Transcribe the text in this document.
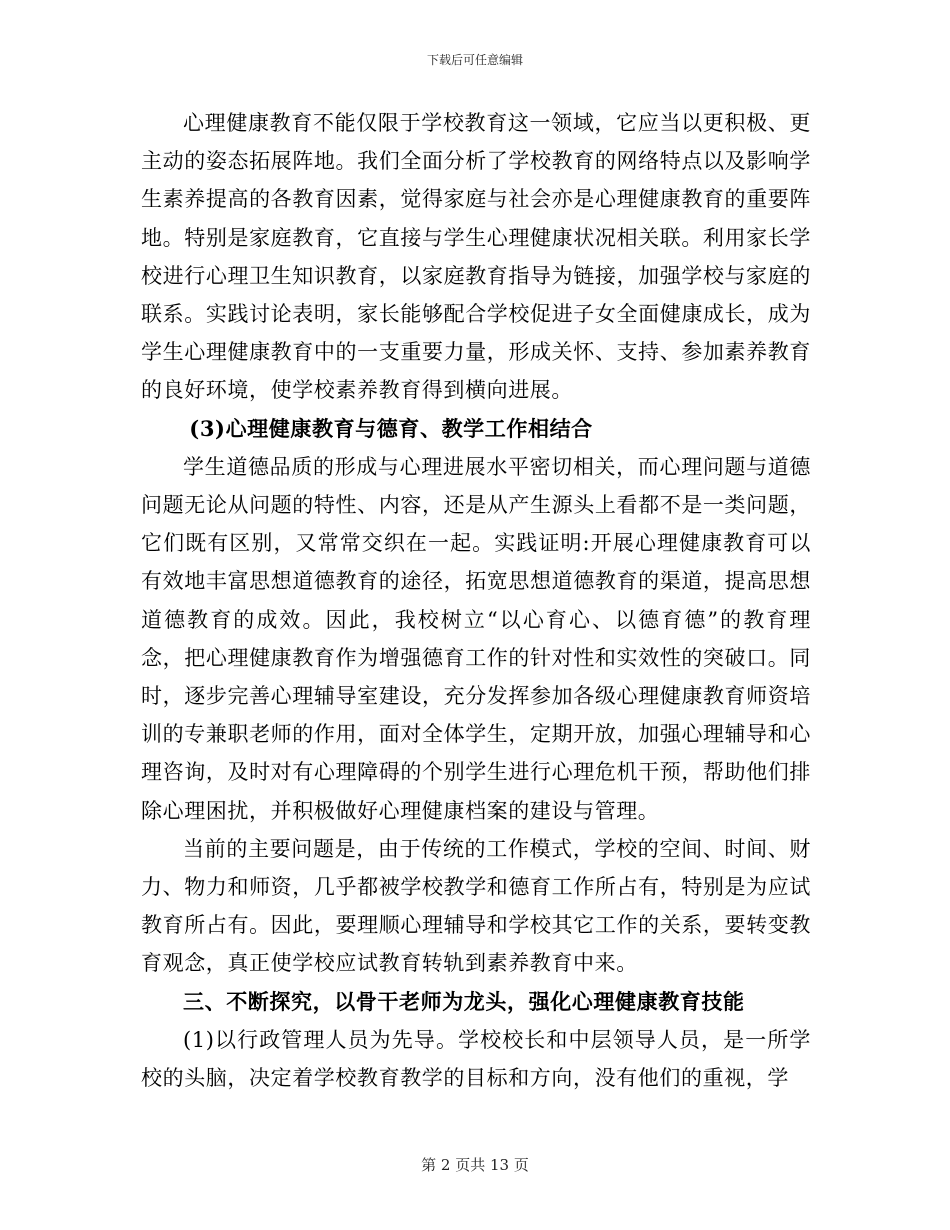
下载后可任意编辑

心理健康教育不能仅限于学校教育这一领域，它应当以更积极、更主动的姿态拓展阵地。我们全面分析了学校教育的网络特点以及影响学生素养提高的各教育因素，觉得家庭与社会亦是心理健康教育的重要阵地。特别是家庭教育，它直接与学生心理健康状况相关联。利用家长学校进行心理卫生知识教育，以家庭教育指导为链接，加强学校与家庭的联系。实践讨论表明，家长能够配合学校促进子女全面健康成长，成为学生心理健康教育中的一支重要力量，形成关怀、支持、参加素养教育的良好环境，使学校素养教育得到横向进展。

(3)心理健康教育与德育、教学工作相结合

学生道德品质的形成与心理进展水平密切相关，而心理问题与道德问题无论从问题的特性、内容，还是从产生源头上看都不是一类问题，它们既有区别，又常常交织在一起。实践证明:开展心理健康教育可以有效地丰富思想道德教育的途径，拓宽思想道德教育的渠道，提高思想道德教育的成效。因此，我校树立“以心育心、以德育德”的教育理念，把心理健康教育作为增强德育工作的针对性和实效性的突破口。同时，逐步完善心理辅导室建设，充分发挥参加各级心理健康教育师资培训的专兼职老师的作用，面对全体学生，定期开放，加强心理辅导和心理咨询，及时对有心理障碍的个别学生进行心理危机干预，帮助他们排除心理困扰，并积极做好心理健康档案的建设与管理。

当前的主要问题是，由于传统的工作模式，学校的空间、时间、财力、物力和师资，几乎都被学校教学和德育工作所占有，特别是为应试教育所占有。因此，要理顺心理辅导和学校其它工作的关系，要转变教育观念，真正使学校应试教育转轨到素养教育中来。

三、不断探究，以骨干老师为龙头，强化心理健康教育技能

(1)以行政管理人员为先导。学校校长和中层领导人员，是一所学校的头脑，决定着学校教育教学的目标和方向，没有他们的重视，学

第 2 页共 13 页
